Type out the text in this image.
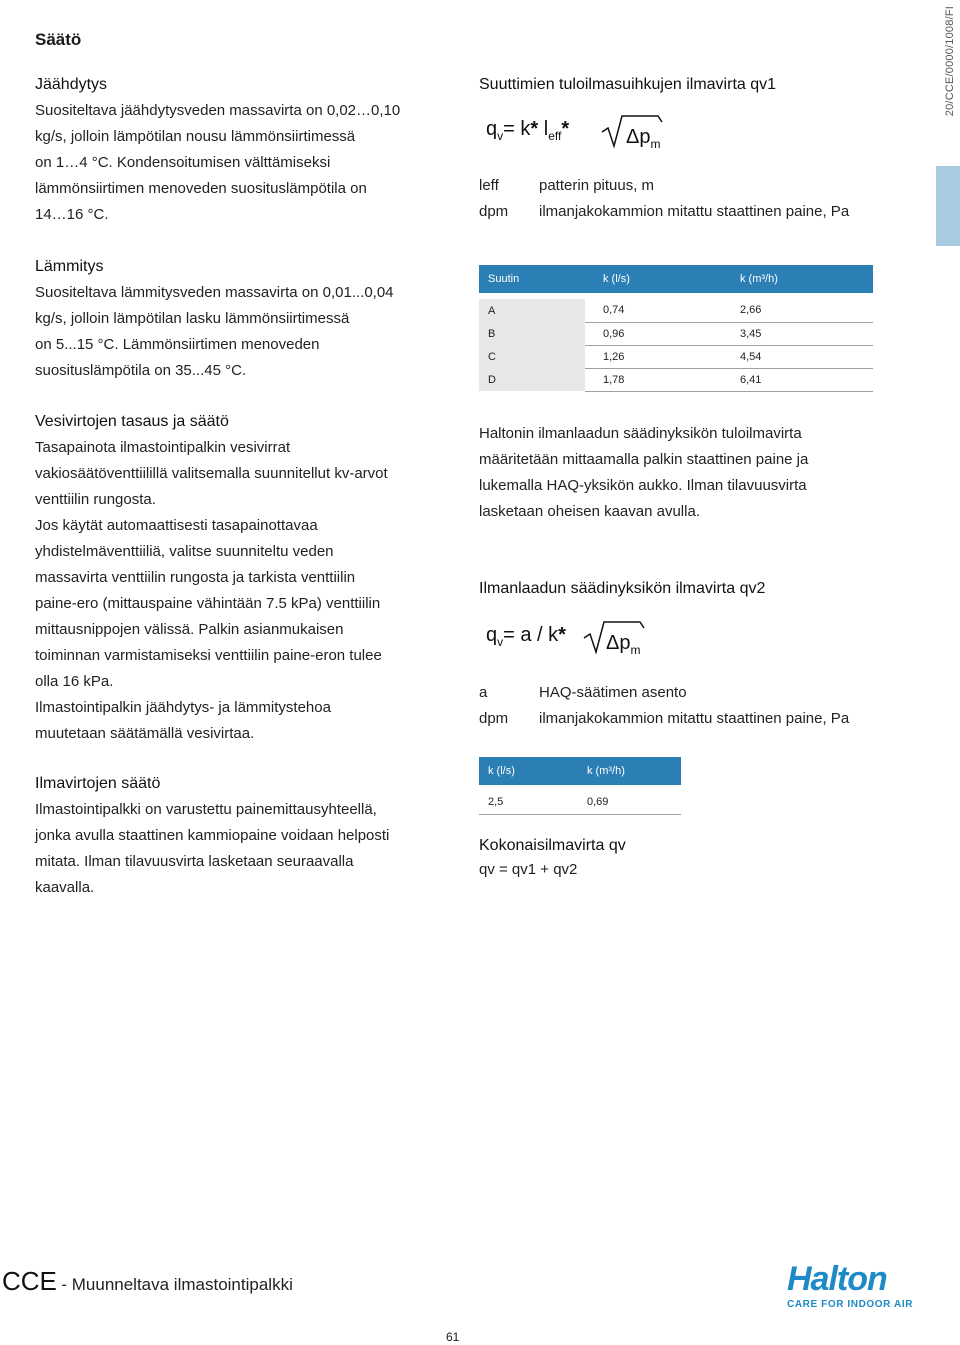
20/CCE/0000/1008/FI
Säätö
Jäähdytys
Suositeltava jäähdytysveden massavirta on 0,02…0,10
kg/s, jolloin lämpötilan nousu lämmönsiirtimessä
on 1…4 °C. Kondensoitumisen välttämiseksi
lämmönsiirtimen menoveden suosituslämpötila on
14…16 °C.
Lämmitys
Suositeltava lämmitysveden massavirta on 0,01...0,04
kg/s, jolloin lämpötilan lasku lämmönsiirtimessä
on 5...15 °C. Lämmönsiirtimen menoveden
suosituslämpötila on 35...45 °C.
Vesivirtojen tasaus ja säätö
Tasapainota ilmastointipalkin vesivirrat
vakiosäätöventtiilillä valitsemalla suunnitellut kv-arvot
venttiilin rungosta.
Jos käytät automaattisesti tasapainottavaa
yhdistelmäventtiiliä, valitse suunniteltu veden
massavirta venttiilin rungosta ja tarkista venttiilin
paine-ero (mittauspaine vähintään 7.5 kPa) venttiilin
mittausnippojen välissä. Palkin asianmukaisen
toiminnan varmistamiseksi venttiilin paine-eron tulee
olla 16 kPa.
Ilmastointipalkin jäähdytys- ja lämmitystehoa
muutetaan säätämällä vesivirtaa.
Ilmavirtojen säätö
Ilmastointipalkki on varustettu painemittausyhteellä,
jonka avulla staattinen kammiopaine voidaan helposti
mitata. Ilman tilavuusvirta lasketaan seuraavalla
kaavalla.
Suuttimien tuloilmasuihkujen ilmavirta qv1
$q_v= k*$ $l_{eff}*$	$\Delta p_m$
leff	patterin pituus, m
dpm ilmanjakokammion mitattu staattinen paine, Pa
Suutin	k (l/s)	k (m³/h)

A	0,74	2,66
B	0,96	3,45
C	1,26	4,54
D	1,78	6,41
Haltonin ilmanlaadun säädinyksikön tuloilmavirta
määritetään mittaamalla palkin staattinen paine ja
lukemalla HAQ-yksikön aukko. Ilman tilavuusvirta
lasketaan oheisen kaavan avulla.
Ilmanlaadun säädinyksikön ilmavirta qv2
$q_v= a / k*$ $\Delta p_m$
a	HAQ-säätimen asento
dpm ilmanjakokammion mitattu staattinen paine, Pa
k (l/s)	k (m³/h)

2,5	0,69
Kokonaisilmavirta qv
qv = qv1 + qv2
CCE - Muunneltava ilmastointipalkki	Halton
CARE FOR INDOOR AIR
61
